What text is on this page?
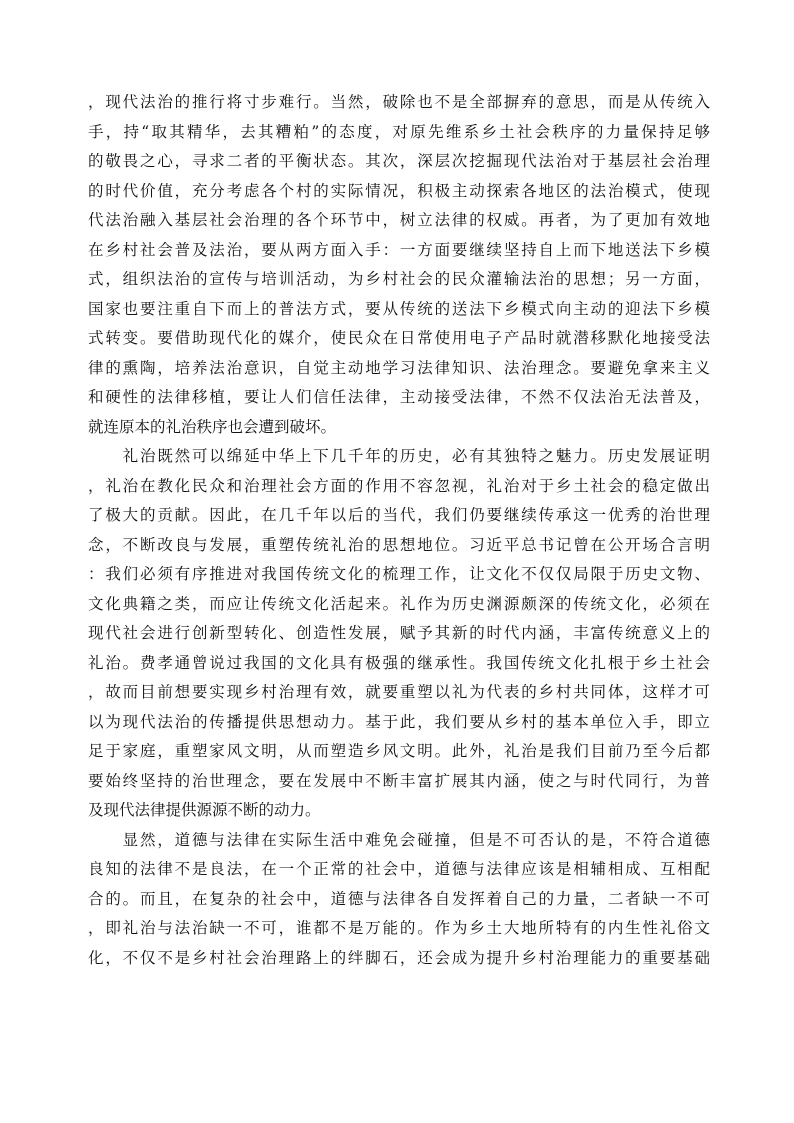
，现代法治的推行将寸步难行。当然，破除也不是全部摒弃的意思，而是从传统入
手，持“取其精华，去其糟粕”的态度，对原先维系乡土社会秩序的力量保持足够
的敬畏之心，寻求二者的平衡状态。其次，深层次挖掘现代法治对于基层社会治理
的时代价值，充分考虑各个村的实际情况，积极主动探索各地区的法治模式，使现
代法治融入基层社会治理的各个环节中，树立法律的权威。再者，为了更加有效地
在乡村社会普及法治，要从两方面入手：一方面要继续坚持自上而下地送法下乡模
式，组织法治的宣传与培训活动，为乡村社会的民众灌输法治的思想；另一方面，
国家也要注重自下而上的普法方式，要从传统的送法下乡模式向主动的迎法下乡模
式转变。要借助现代化的媒介，使民众在日常使用电子产品时就潜移默化地接受法
律的熏陶，培养法治意识，自觉主动地学习法律知识、法治理念。要避免拿来主义
和硬性的法律移植，要让人们信任法律，主动接受法律，不然不仅法治无法普及，
就连原本的礼治秩序也会遭到破坏。
　　礼治既然可以绵延中华上下几千年的历史，必有其独特之魅力。历史发展证明
，礼治在教化民众和治理社会方面的作用不容忽视，礼治对于乡土社会的稳定做出
了极大的贡献。因此，在几千年以后的当代，我们仍要继续传承这一优秀的治世理
念，不断改良与发展，重塑传统礼治的思想地位。习近平总书记曾在公开场合言明
：我们必须有序推进对我国传统文化的梳理工作，让文化不仅仅局限于历史文物、
文化典籍之类，而应让传统文化活起来。礼作为历史渊源颇深的传统文化，必须在
现代社会进行创新型转化、创造性发展，赋予其新的时代内涵，丰富传统意义上的
礼治。费孝通曾说过我国的文化具有极强的继承性。我国传统文化扎根于乡土社会
，故而目前想要实现乡村治理有效，就要重塑以礼为代表的乡村共同体，这样才可
以为现代法治的传播提供思想动力。基于此，我们要从乡村的基本单位入手，即立
足于家庭，重塑家风文明，从而塑造乡风文明。此外，礼治是我们目前乃至今后都
要始终坚持的治世理念，要在发展中不断丰富扩展其内涵，使之与时代同行，为普
及现代法律提供源源不断的动力。
　　显然，道德与法律在实际生活中难免会碰撞，但是不可否认的是，不符合道德
良知的法律不是良法，在一个正常的社会中，道德与法律应该是相辅相成、互相配
合的。而且，在复杂的社会中，道德与法律各自发挥着自己的力量，二者缺一不可
，即礼治与法治缺一不可，谁都不是万能的。作为乡土大地所特有的内生性礼俗文
化，不仅不是乡村社会治理路上的绊脚石，还会成为提升乡村治理能力的重要基础
